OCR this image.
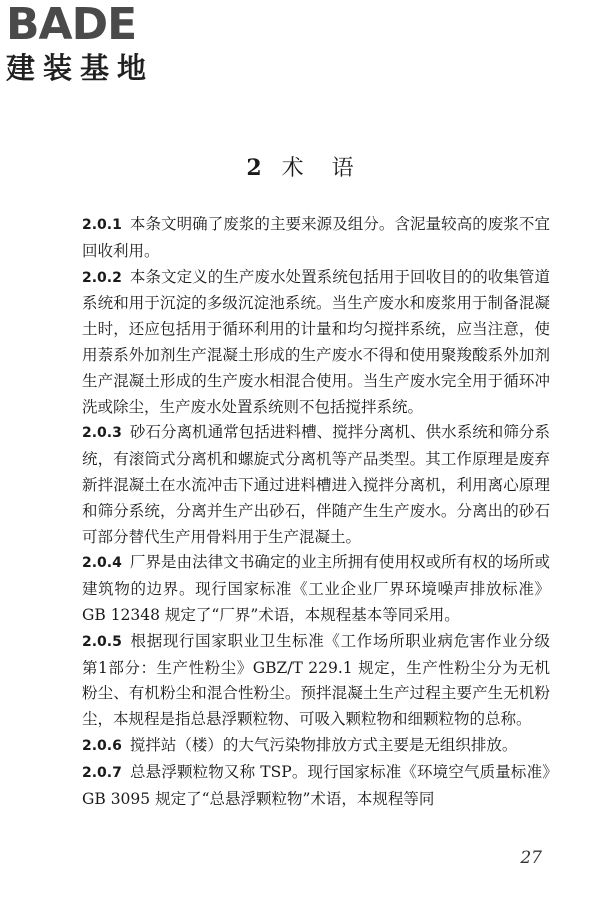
BADE
建装基地
2 术 语

2.0.1 本条文明确了废浆的主要来源及组分。含泥量较高的废浆不宜回收利用。

2.0.2 本条文定义的生产废水处置系统包括用于回收目的的收集管道系统和用于沉淀的多级沉淀池系统。当生产废水和废浆用于制备混凝土时，还应包括用于循环利用的计量和均匀搅拌系统，应当注意，使用萘系外加剂生产混凝土形成的生产废水不得和使用聚羧酸系外加剂生产混凝土形成的生产废水相混合使用。当生产废水完全用于循环冲洗或除尘，生产废水处置系统则不包括搅拌系统。

2.0.3 砂石分离机通常包括进料槽、搅拌分离机、供水系统和筛分系统，有滚筒式分离机和螺旋式分离机等产品类型。其工作原理是废弃新拌混凝土在水流冲击下通过进料槽进入搅拌分离机，利用离心原理和筛分系统，分离并生产出砂石，伴随产生生产废水。分离出的砂石可部分替代生产用骨料用于生产混凝土。

2.0.4 厂界是由法律文书确定的业主所拥有使用权或所有权的场所或建筑物的边界。现行国家标准《工业企业厂界环境噪声排放标准》GB 12348 规定了“厂界”术语，本规程基本等同采用。

2.0.5 根据现行国家职业卫生标准《工作场所职业病危害作业分级 第1部分：生产性粉尘》GBZ/T 229.1 规定，生产性粉尘分为无机粉尘、有机粉尘和混合性粉尘。预拌混凝土生产过程主要产生无机粉尘，本规程是指总悬浮颗粒物、可吸入颗粒物和细颗粒物的总称。

2.0.6 搅拌站（楼）的大气污染物排放方式主要是无组织排放。

2.0.7 总悬浮颗粒物又称 TSP。现行国家标准《环境空气质量标准》GB 3095 规定了“总悬浮颗粒物”术语，本规程等同

27
